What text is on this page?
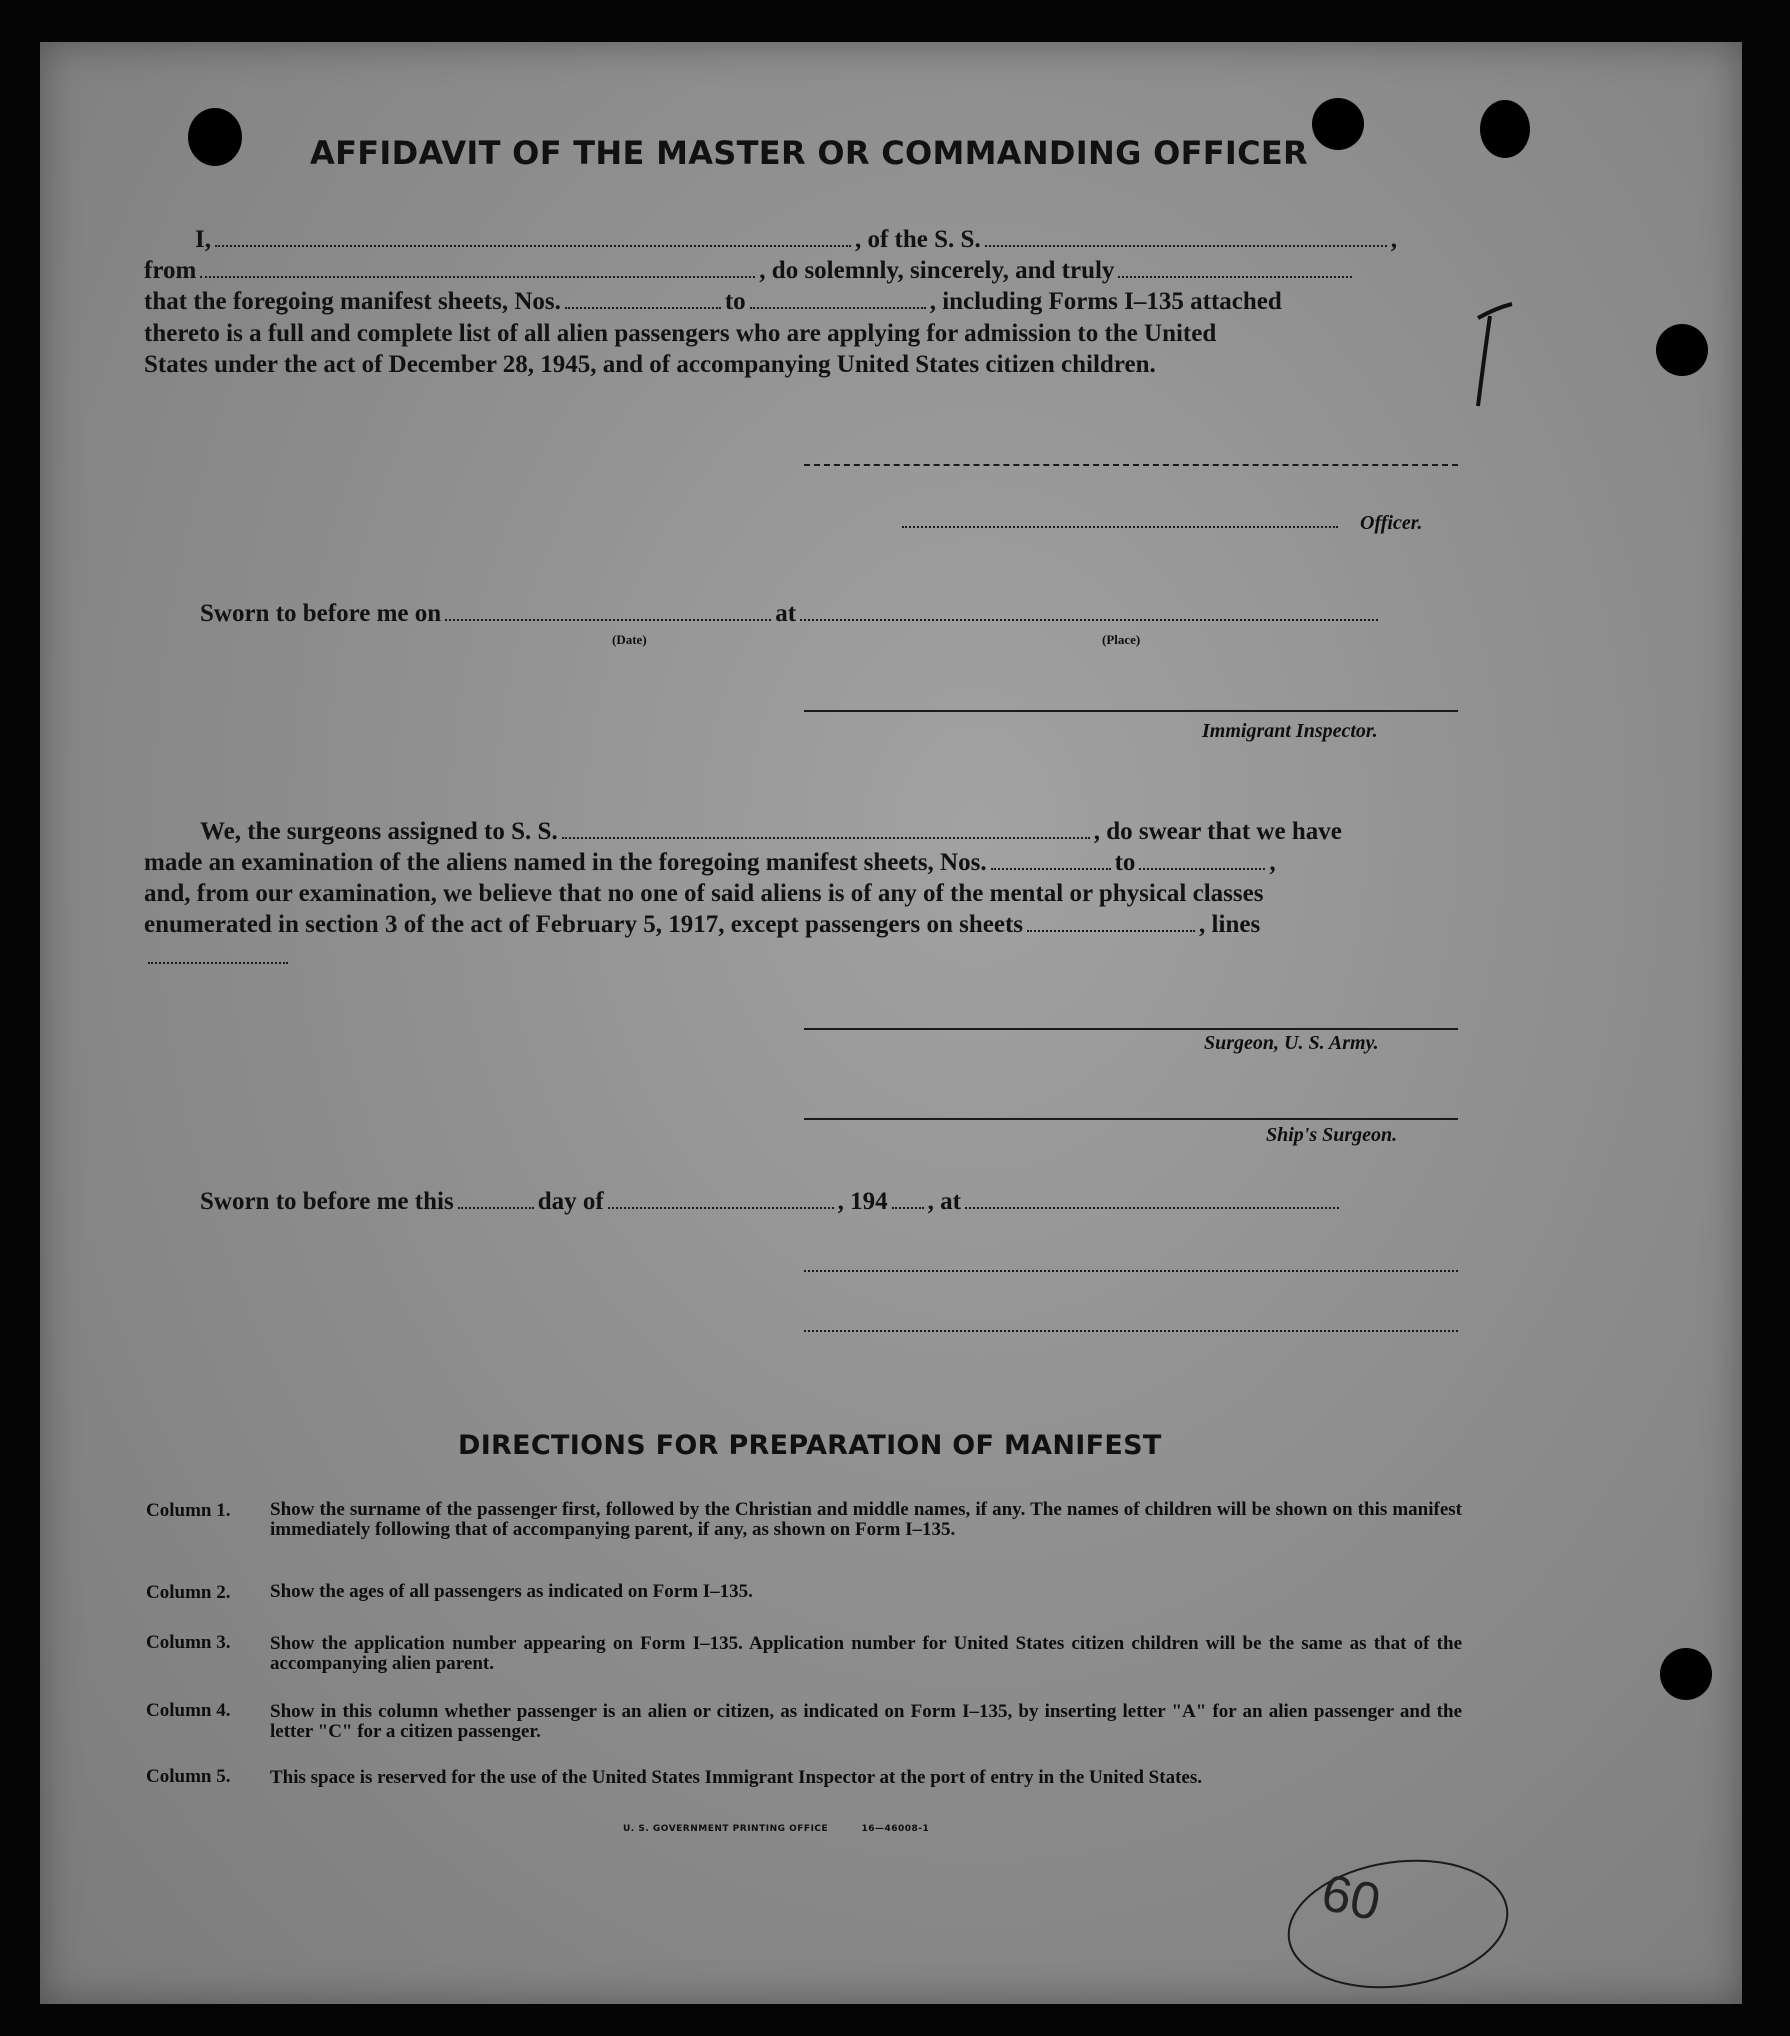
AFFIDAVIT OF THE MASTER OR COMMANDING OFFICER
I,	, of the S. S.	,
from	, do solemnly, sincerely, and truly
that the foregoing manifest sheets, Nos.	to	, including Forms I–135 attached
thereto is a full and complete list of all alien passengers who are applying for admission to the United
States under the act of December 28, 1945, and of accompanying United States citizen children.
Officer.
Sworn to before me on	at
(Date)	(Place)
Immigrant Inspector.
We, the surgeons assigned to S. S.	, do swear that we have
made an examination of the aliens named in the foregoing manifest sheets, Nos.	to	,
and, from our examination, we believe that no one of said aliens is of any of the mental or physical classes
enumerated in section 3 of the act of February 5, 1917, except passengers on sheets	, lines
Surgeon, U. S. Army.
Ship's Surgeon.
Sworn to before me this	day of	, 194 , at
DIRECTIONS FOR PREPARATION OF MANIFEST
Column 1. Show the surname of the passenger first, followed by the Christian and middle names, if any. The names of children will be shown on this manifest immediately following that of accompanying parent, if any, as shown on Form I–135.
Column 2. Show the ages of all passengers as indicated on Form I–135.
Column 3. Show the application number appearing on Form I–135. Application number for United States citizen children will be the same as that of the accompanying alien parent.
Column 4. Show in this column whether passenger is an alien or citizen, as indicated on Form I–135, by inserting letter "A" for an alien passenger and the letter "C" for a citizen passenger.
Column 5. This space is reserved for the use of the United States Immigrant Inspector at the port of entry in the United States.
U. S. GOVERNMENT PRINTING OFFICE	16—46008-1
60
